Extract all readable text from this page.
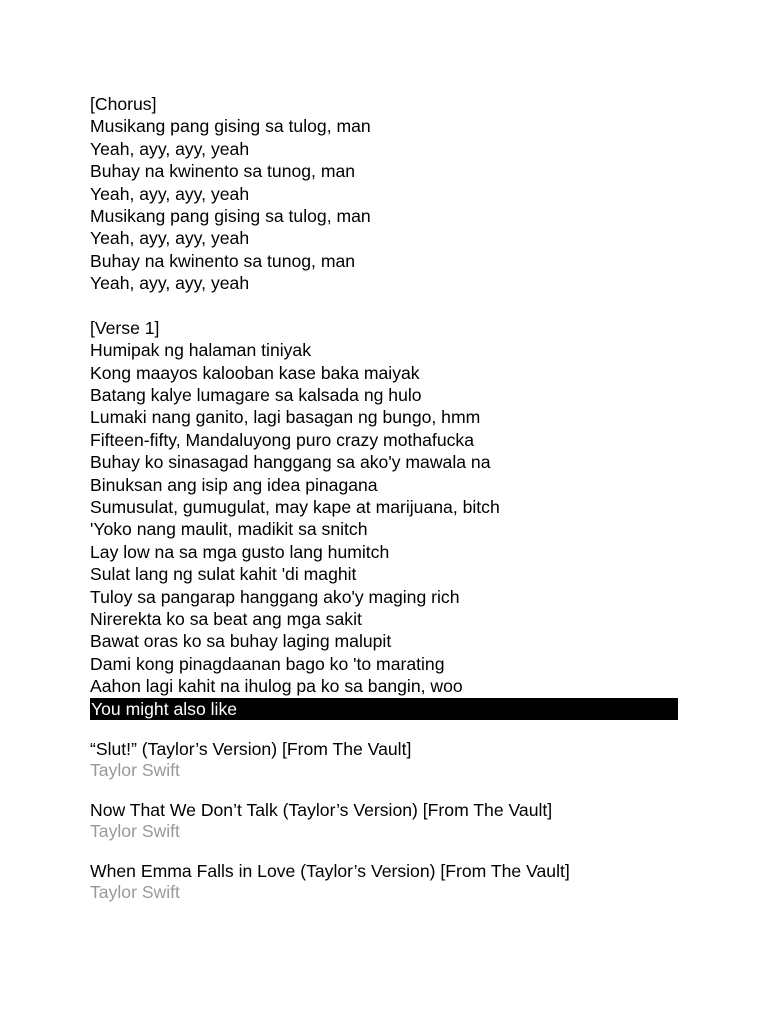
[Chorus]
Musikang pang gising sa tulog, man
Yeah, ayy, ayy, yeah
Buhay na kwinento sa tunog, man
Yeah, ayy, ayy, yeah
Musikang pang gising sa tulog, man
Yeah, ayy, ayy, yeah
Buhay na kwinento sa tunog, man
Yeah, ayy, ayy, yeah
[Verse 1]
Humipak ng halaman tiniyak
Kong maayos kalooban kase baka maiyak
Batang kalye lumagare sa kalsada ng hulo
Lumaki nang ganito, lagi basagan ng bungo, hmm
Fifteen-fifty, Mandaluyong puro crazy mothafucka
Buhay ko sinasagad hanggang sa ako'y mawala na
Binuksan ang isip ang idea pinagana
Sumusulat, gumugulat, may kape at marijuana, bitch
'Yoko nang maulit, madikit sa snitch
Lay low na sa mga gusto lang humitch
Sulat lang ng sulat kahit 'di maghit
Tuloy sa pangarap hanggang ako'y maging rich
Nirerekta ko sa beat ang mga sakit
Bawat oras ko sa buhay laging malupit
Dami kong pinagdaanan bago ko 'to marating
Aahon lagi kahit na ihulog pa ko sa bangin, woo
You might also like
“Slut!” (Taylor’s Version) [From The Vault]
Taylor Swift
Now That We Don’t Talk (Taylor’s Version) [From The Vault]
Taylor Swift
When Emma Falls in Love (Taylor’s Version) [From The Vault]
Taylor Swift
